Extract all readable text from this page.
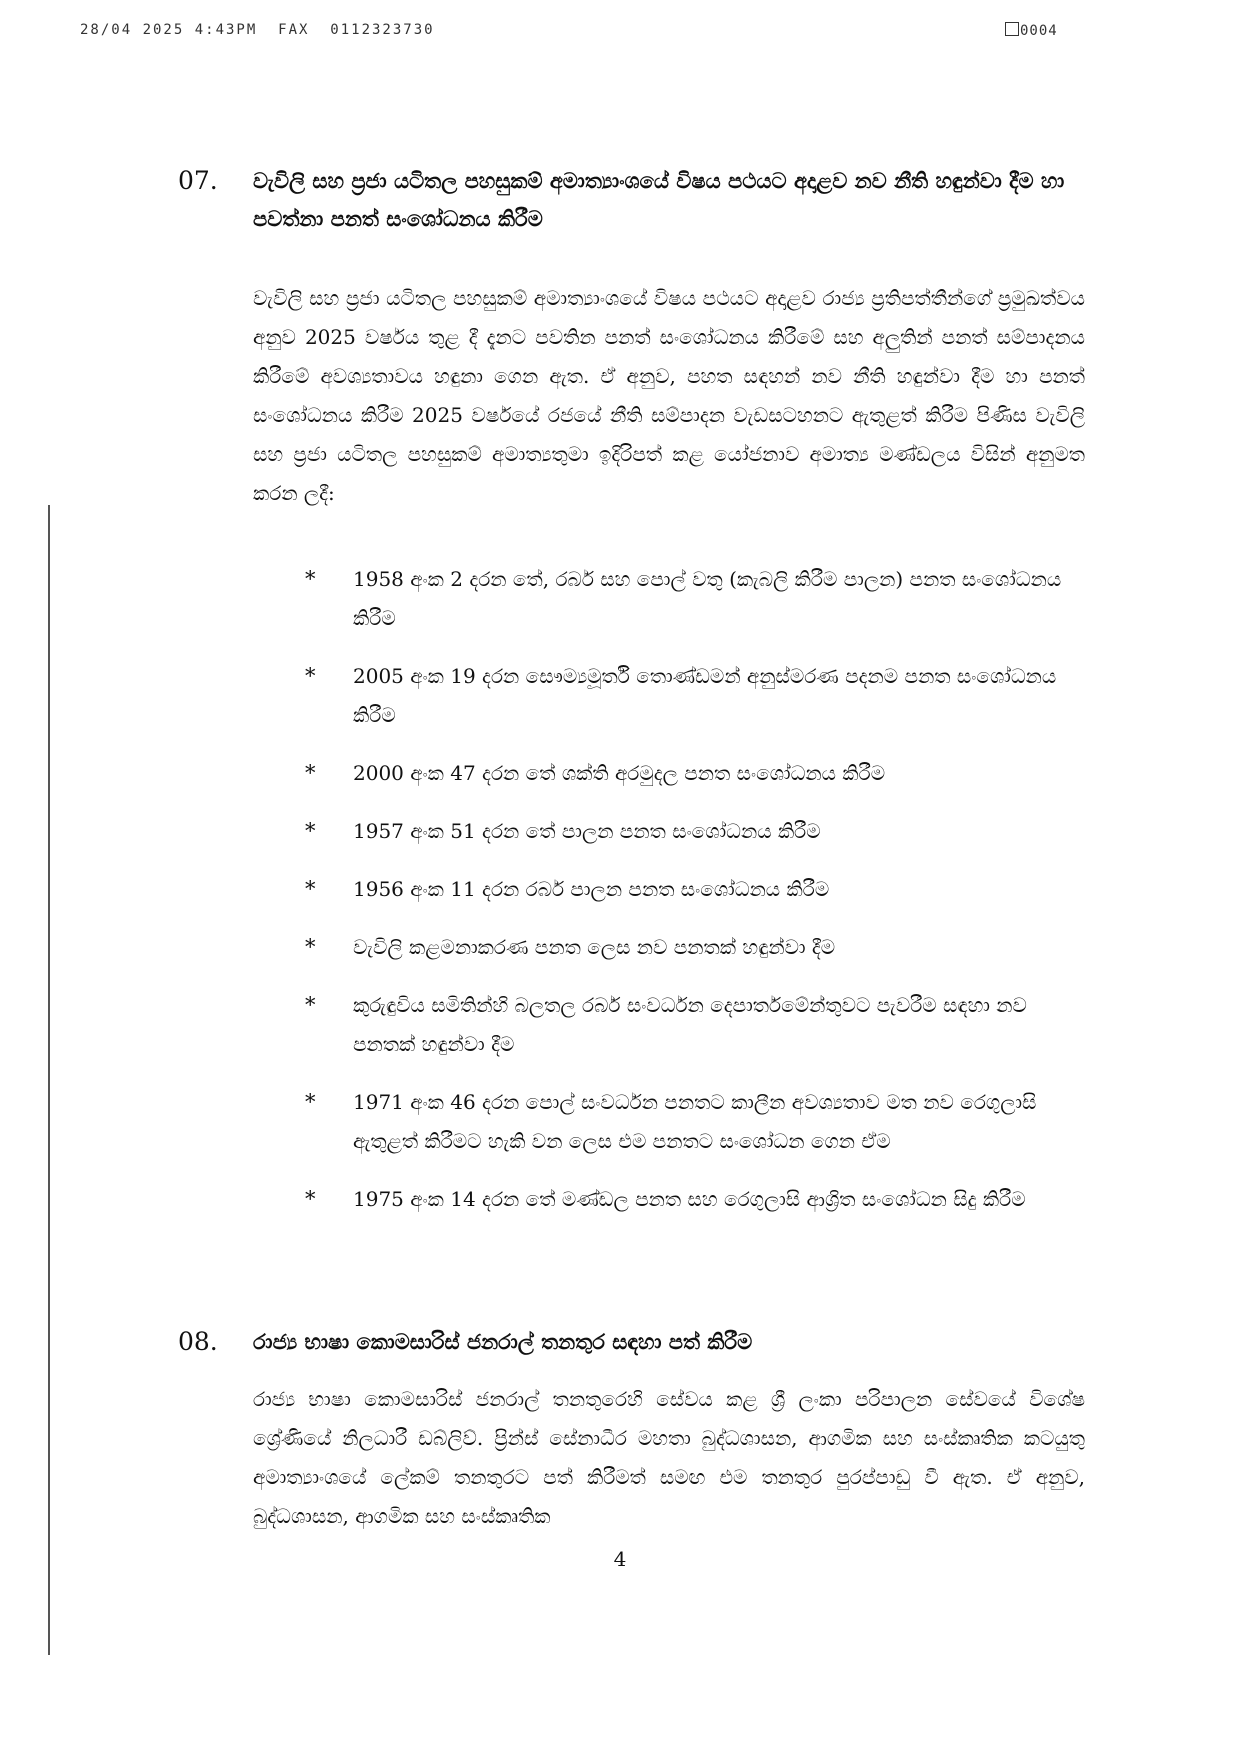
28/04 2025 4:43PM  FAX  0112323730	0004
07. වැවිලි සහ ප්‍රජා යටිතල පහසුකම් අමාත්‍යාංශයේ විෂය පථයට අදාළව නව නීති හඳුන්වා දීම හා පවත්නා පනත් සංශෝධනය කිරීම
වැවිලි සහ ප්‍රජා යටිතල පහසුකම් අමාත්‍යාංශයේ විෂය පථයට අදාළව රාජ්‍ය ප්‍රතිපත්තීන්ගේ ප්‍රමුඛත්වය අනුව 2025 වර්ෂය තුළ දී දැනට පවතින පනත් සංශෝධනය කිරීමේ සහ අලුතින් පනත් සම්පාදනය කිරීමේ අවශ්‍යතාවය හඳුනා ගෙන ඇත. ඒ අනුව, පහත සඳහන් නව නීති හඳුන්වා දීම හා පනත් සංශෝධනය කිරීම 2025 වර්ෂයේ රජයේ නීති සම්පාදන වැඩසටහනට ඇතුළත් කිරීම පිණිස වැවිලි සහ ප්‍රජා යටිතල පහසුකම් අමාත්‍යතුමා ඉදිරිපත් කළ යෝජනාව අමාත්‍ය මණ්ඩලය විසින් අනුමත කරන ලදී:
* 1958 අංක 2 දරන තේ, රබර් සහ පොල් වතු (කැබලි කිරීම පාලන) පනත සංශෝධනය කිරීම
* 2005 අංක 19 දරන සෞම්‍යමූර්ති තොණ්ඩමන් අනුස්මරණ පදනම පනත සංශෝධනය කිරීම
* 2000 අංක 47 දරන තේ ශක්ති අරමුදල පනත සංශෝධනය කිරීම
* 1957 අංක 51 දරන තේ පාලන පනත සංශෝධනය කිරීම
* 1956 අංක 11 දරන රබර් පාලන පනත සංශෝධනය කිරීම
* වැවිලි කළමනාකරණ පනත ලෙස නව පනතක් හඳුන්වා දීම
* කුරුඳුවිය සමිතින්හි බලතල රබර් සංවර්ධන දෙපාර්තමේන්තුවට පැවරීම සඳහා නව පනතක් හඳුන්වා දීම
* 1971 අංක 46 දරන පොල් සංවර්ධන පනතට කාලීන අවශ්‍යතාව මත නව රෙගුලාසි ඇතුළත් කිරීමට හැකි වන ලෙස එම පනතට සංශෝධන ගෙන ඒම
* 1975 අංක 14 දරන තේ මණ්ඩල පනත සහ රෙගුලාසි ආශ්‍රිත සංශෝධන සිදු කිරීම
08. රාජ්‍ය භාෂා කොමසාරිස් ජනරාල් තනතුර සඳහා පත් කිරීම
රාජ්‍ය භාෂා කොමසාරිස් ජනරාල් තනතුරෙහි සේවය කළ ශ්‍රී ලංකා පරිපාලන සේවයේ විශේෂ ශ්‍රේණියේ නිලධාරී ඩබ්ලිව්. ප්‍රින්ස් සේනාධීර මහතා බුද්ධශාසන, ආගමික සහ සංස්කෘතික කටයුතු අමාත්‍යාංශයේ ලේකම් තනතුරට පත් කිරීමත් සමඟ එම තනතුර පුරප්පාඩු වී ඇත. ඒ අනුව, බුද්ධශාසන, ආගමික සහ සංස්කෘතික
4
